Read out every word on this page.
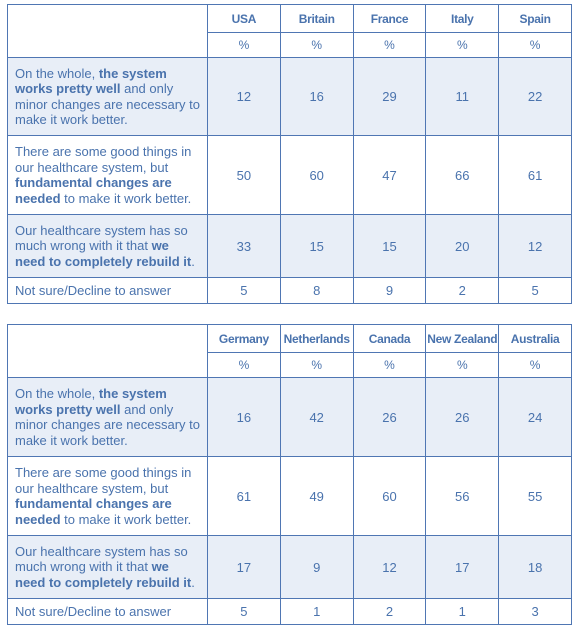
	USA	Britain	France	Italy	Spain
	%	%	%	%	%
On the whole, the system works pretty well and only minor changes are necessary to make it work better.	12	16	29	11	22
There are some good things in our healthcare system, but fundamental changes are needed to make it work better.	50	60	47	66	61
Our healthcare system has so much wrong with it that we need to completely rebuild it.	33	15	15	20	12
Not sure/Decline to answer	5	8	9	2	5
	Germany	Netherlands	Canada	New Zealand	Australia
	%	%	%	%	%
On the whole, the system works pretty well and only minor changes are necessary to make it work better.	16	42	26	26	24
There are some good things in our healthcare system, but fundamental changes are needed to make it work better.	61	49	60	56	55
Our healthcare system has so much wrong with it that we need to completely rebuild it.	17	9	12	17	18
Not sure/Decline to answer	5	1	2	1	3
